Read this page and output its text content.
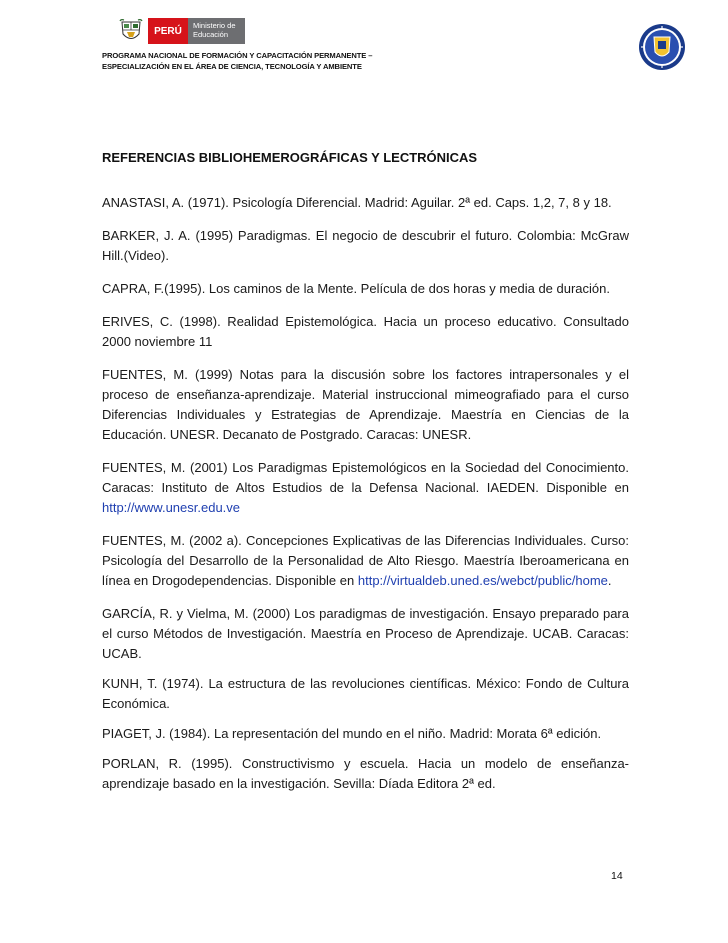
PERÚ	Ministerio de
Educación
PROGRAMA NACIONAL DE FORMACIÓN Y CAPACITACIÓN PERMANENTE –
ESPECIALIZACIÓN EN EL ÁREA DE CIENCIA, TECNOLOGÍA Y AMBIENTE
REFERENCIAS BIBLIOHEMEROGRÁFICAS Y LECTRÓNICAS

ANASTASI, A. (1971). Psicología Diferencial. Madrid: Aguilar. 2ª ed. Caps. 1,2, 7, 8 y 18.

BARKER, J. A. (1995) Paradigmas. El negocio de descubrir el futuro. Colombia: McGraw Hill.(Video).

CAPRA, F.(1995). Los caminos de la Mente. Película de dos horas y media de duración.

ERIVES, C. (1998). Realidad Epistemológica. Hacia un proceso educativo. Consultado 2000 noviembre 11

FUENTES, M. (1999) Notas para la discusión sobre los factores intrapersonales y el proceso de enseñanza-aprendizaje. Material instruccional mimeografiado para el curso Diferencias Individuales y Estrategias de Aprendizaje. Maestría en Ciencias de la Educación. UNESR. Decanato de Postgrado. Caracas: UNESR.

FUENTES, M. (2001) Los Paradigmas Epistemológicos en la Sociedad del Conocimiento. Caracas: Instituto de Altos Estudios de la Defensa Nacional. IAEDEN. Disponible en http://www.unesr.edu.ve

FUENTES, M. (2002 a). Concepciones Explicativas de las Diferencias Individuales. Curso: Psicología del Desarrollo de la Personalidad de Alto Riesgo. Maestría Iberoamericana en línea en Drogodependencias. Disponible en http://virtualdeb.uned.es/webct/public/home.

GARCÍA, R. y Vielma, M. (2000) Los paradigmas de investigación. Ensayo preparado para el curso Métodos de Investigación. Maestría en Proceso de Aprendizaje. UCAB. Caracas: UCAB.

KUNH, T. (1974). La estructura de las revoluciones científicas. México: Fondo de Cultura Económica.

PIAGET, J. (1984). La representación del mundo en el niño. Madrid: Morata 6ª edición.

PORLAN, R. (1995). Constructivismo y escuela. Hacia un modelo de enseñanza-aprendizaje basado en la investigación. Sevilla: Díada Editora 2ª ed.

14
